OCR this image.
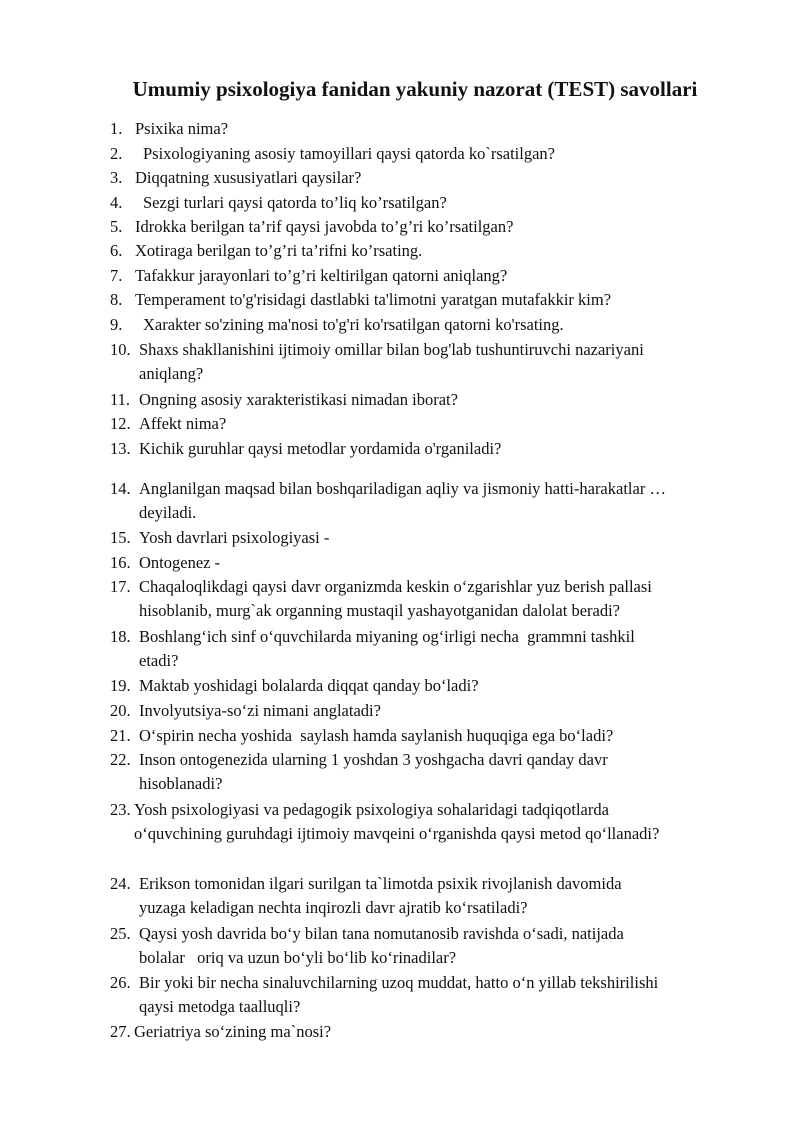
Umumiy psixologiya fanidan yakuniy nazorat (TEST) savollari
1. Psixika nima?
2. Psixologiyaning asosiy tamoyillari qaysi qatorda ko`rsatilgan?
3. Diqqatning xususiyatlari qaysilar?
4. Sezgi turlari qaysi qatorda to’liq ko’rsatilgan?
5. Idrokka berilgan ta’rif qaysi javobda to’g’ri ko’rsatilgan?
6. Xotiraga berilgan to’g’ri ta’rifni ko’rsating.
7. Tafakkur jarayonlari to’g’ri keltirilgan qatorni aniqlang?
8. Temperament to'g'risidagi dastlabki ta'limotni yaratgan mutafakkir kim?
9. Xarakter so'zining ma'nosi to'g'ri ko'rsatilgan qatorni ko'rsating.
10. Shaxs shakllanishini ijtimoiy omillar bilan bog'lab tushuntiruvchi nazariyani
aniqlang?
11. Ongning asosiy xarakteristikasi nimadan iborat?
12. Affekt nima?
13. Kichik guruhlar qaysi metodlar yordamida o'rganiladi?
14. Anglanilgan maqsad bilan boshqariladigan aqliy va jismoniy hatti-harakatlar …
deyiladi.
15. Yosh davrlari psixologiyasi -
16. Ontogenez -
17. Chaqaloqlikdagi qaysi davr organizmda keskin o‘zgarishlar yuz berish pallasi
hisoblanib, murg`ak organning mustaqil yashayotganidan dalolat beradi?
18. Boshlang‘ich sinf o‘quvchilarda miyaning og‘irligi necha  grammni tashkil
etadi?
19. Maktab yoshidagi bolalarda diqqat qanday bo‘ladi?
20. Involyutsiya-so‘zi nimani anglatadi?
21. O‘spirin necha yoshida  saylash hamda saylanish huquqiga ega bo‘ladi?
22. Inson ontogenezida ularning 1 yoshdan 3 yoshgacha davri qanday davr
hisoblanadi?
23. Yosh psixologiyasi va pedagogik psixologiya sohalaridagi tadqiqotlarda
o‘quvchining guruhdagi ijtimoiy mavqeini o‘rganishda qaysi metod qo‘llanadi?
24. Erikson tomonidan ilgari surilgan ta`limotda psixik rivojlanish davomida
yuzaga keladigan nechta inqirozli davr ajratib ko‘rsatiladi?
25. Qaysi yosh davrida bo‘y bilan tana nomutanosib ravishda o‘sadi, natijada
bolalar   oriq va uzun bo‘yli bo‘lib ko‘rinadilar?
26. Bir yoki bir necha sinaluvchilarning uzoq muddat, hatto o‘n yillab tekshirilishi
qaysi metodga taalluqli?
27. Geriatriya so‘zining ma`nosi?
